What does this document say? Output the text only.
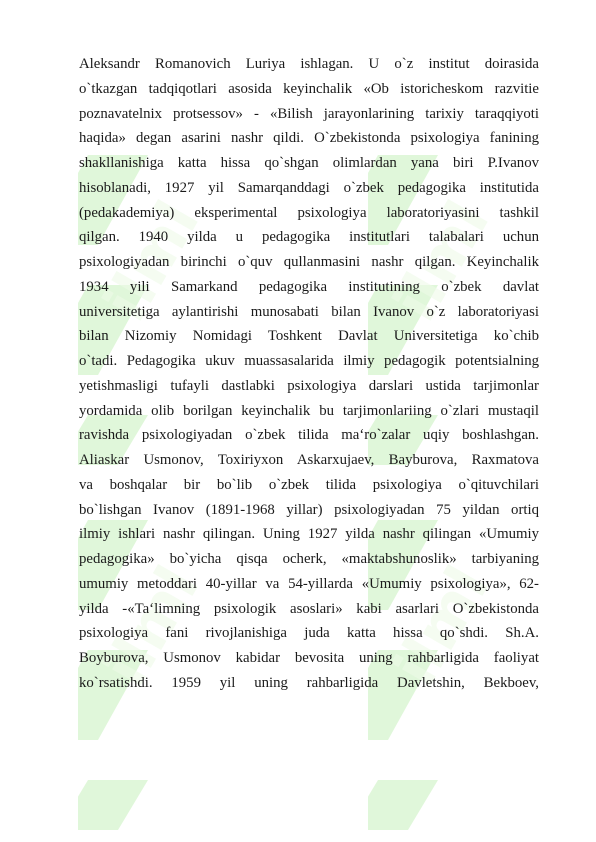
ilml	ilml
ilml	ilml
Aleksandr Romanovich Luriya ishlagan. U o`z institut doirasida
o`tkazgan tadqiqotlari asosida keyinchalik «Ob istoricheskom razvitie
poznavatelnix protsessov» - «Bilish jarayonlarining tarixiy taraqqiyoti
haqida» degan asarini nashr qildi. O`zbekistonda psixologiya fanining
shakllanishiga katta hissa qo`shgan olimlardan yana biri P.Ivanov
hisoblanadi, 1927 yil Samarqanddagi o`zbek pedagogika institutida
(pedakademiya) eksperimental psixologiya laboratoriyasini tashkil
qilgan. 1940 yilda u pedagogika institutlari talabalari uchun
psixologiyadan birinchi o`quv qullanmasini nashr qilgan. Keyinchalik
1934 yili Samarkand pedagogika institutining o`zbek davlat
universitetiga aylantirishi munosabati bilan Ivanov o`z laboratoriyasi
bilan Nizomiy Nomidagi Toshkent Davlat Universitetiga ko`chib
o`tadi. Pedagogika ukuv muassasalarida ilmiy pedagogik potentsialning
yetishmasligi tufayli dastlabki psixologiya darslari ustida tarjimonlar
yordamida olib borilgan keyinchalik bu tarjimonlariing o`zlari mustaqil
ravishda psixologiyadan o`zbek tilida ma‘ro`zalar uqiy boshlashgan.
Aliaskar Usmonov, Toxiriyxon Askarxujaev, Bayburova, Raxmatova
va boshqalar bir bo`lib o`zbek tilida psixologiya o`qituvchilari
bo`lishgan Ivanov (1891-1968 yillar) psixologiyadan 75 yildan ortiq
ilmiy ishlari nashr qilingan. Uning 1927 yilda nashr qilingan «Umumiy
pedagogika» bo`yicha qisqa ocherk, «maktabshunoslik» tarbiyaning
umumiy metoddari 40-yillar va 54-yillarda «Umumiy psixologiya», 62-
yilda -«Ta‘limning psixologik asoslari» kabi asarlari O`zbekistonda
psixologiya fani rivojlanishiga juda katta hissa qo`shdi. Sh.A.
Boyburova, Usmonov kabidar bevosita uning rahbarligida faoliyat
ko`rsatishdi. 1959 yil uning rahbarligida Davletshin, Bekboev,
